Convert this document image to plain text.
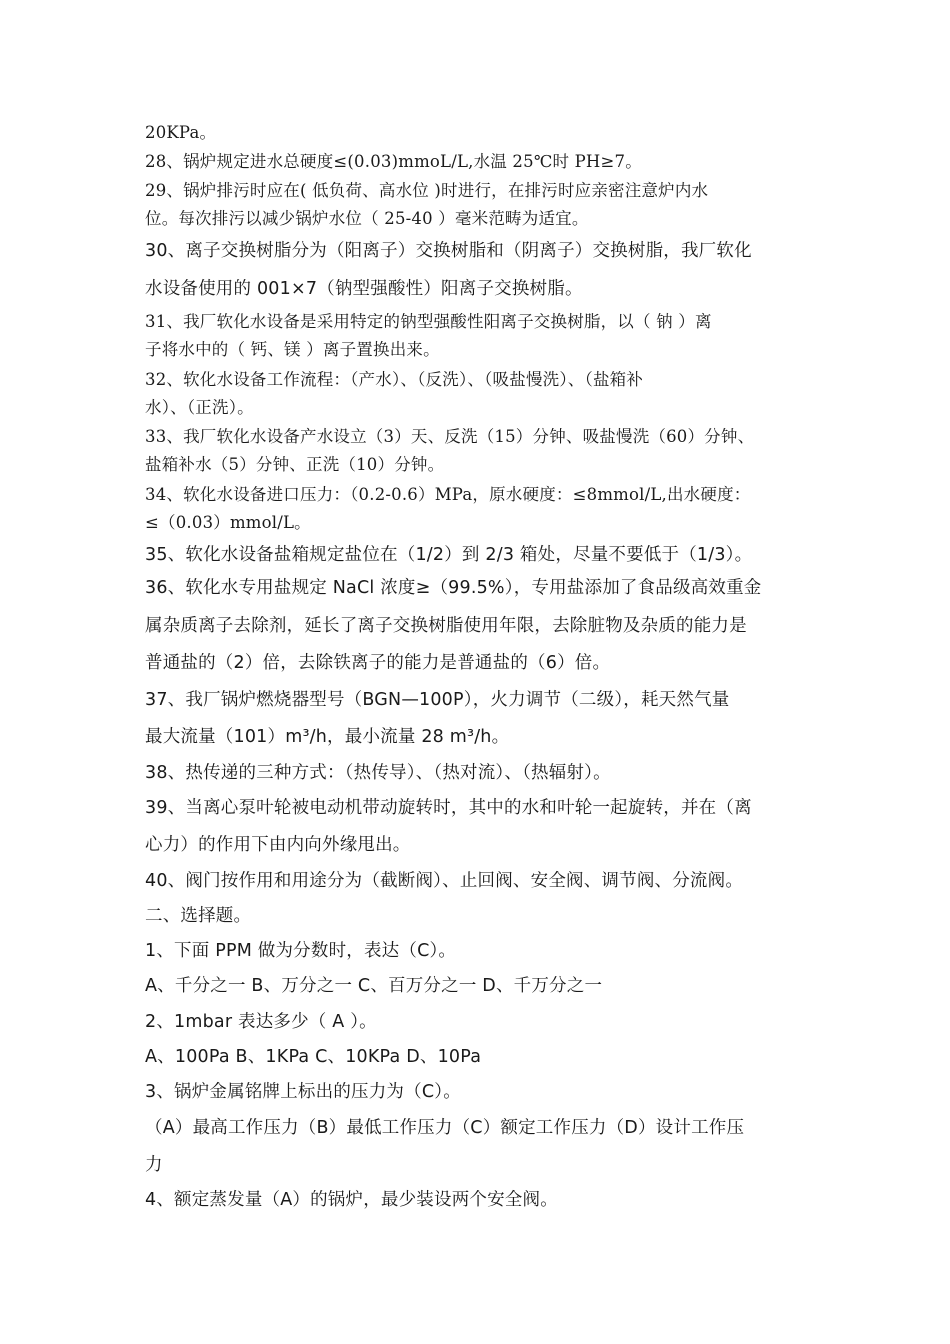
20KPa。
28、锅炉规定进水总硬度≤(0.03)mmoL/L,水温 25℃时 PH≥7。
29、锅炉排污时应在( 低负荷、高水位 )时进行，在排污时应亲密注意炉内水
位。每次排污以减少锅炉水位（ 25-40 ）毫米范畴为适宜。
30、离子交换树脂分为（阳离子）交换树脂和（阴离子）交换树脂，我厂软化
水设备使用的 001×7（钠型强酸性）阳离子交换树脂。
31、我厂软化水设备是采用特定的钠型强酸性阳离子交换树脂，以（ 钠 ）离
子将水中的（ 钙、镁 ）离子置换出来。
32、软化水设备工作流程：（产水）、（反洗）、（吸盐慢洗）、（盐箱补
水）、（正洗）。
33、我厂软化水设备产水设立（3）天、反洗（15）分钟、吸盐慢洗（60）分钟、
盐箱补水（5）分钟、正洗（10）分钟。
34、软化水设备进口压力：（0.2-0.6）MPa，原水硬度：≤8mmol/L,出水硬度：
≤（0.03）mmol/L。
35、软化水设备盐箱规定盐位在（1/2）到 2/3 箱处，尽量不要低于（1/3）。
36、软化水专用盐规定 NaCl 浓度≥（99.5%），专用盐添加了食品级高效重金
属杂质离子去除剂，延长了离子交换树脂使用年限，去除脏物及杂质的能力是
普通盐的（2）倍，去除铁离子的能力是普通盐的（6）倍。
37、我厂锅炉燃烧器型号（BGN—100P），火力调节（二级），耗天然气量
最大流量（101）m³/h，最小流量 28 m³/h。
38、热传递的三种方式：（热传导）、（热对流）、（热辐射）。
39、当离心泵叶轮被电动机带动旋转时，其中的水和叶轮一起旋转，并在（离
心力）的作用下由内向外缘甩出。
40、阀门按作用和用途分为（截断阀）、止回阀、安全阀、调节阀、分流阀。
二、选择题。
1、下面 PPM 做为分数时，表达（C）。
A、千分之一 B、万分之一 C、百万分之一 D、千万分之一
2、1mbar 表达多少（ A ）。
A、100Pa B、1KPa C、10KPa D、10Pa
3、锅炉金属铭牌上标出的压力为（C）。
（A）最高工作压力（B）最低工作压力（C）额定工作压力（D）设计工作压
力
4、额定蒸发量（A）的锅炉，最少装设两个安全阀。
